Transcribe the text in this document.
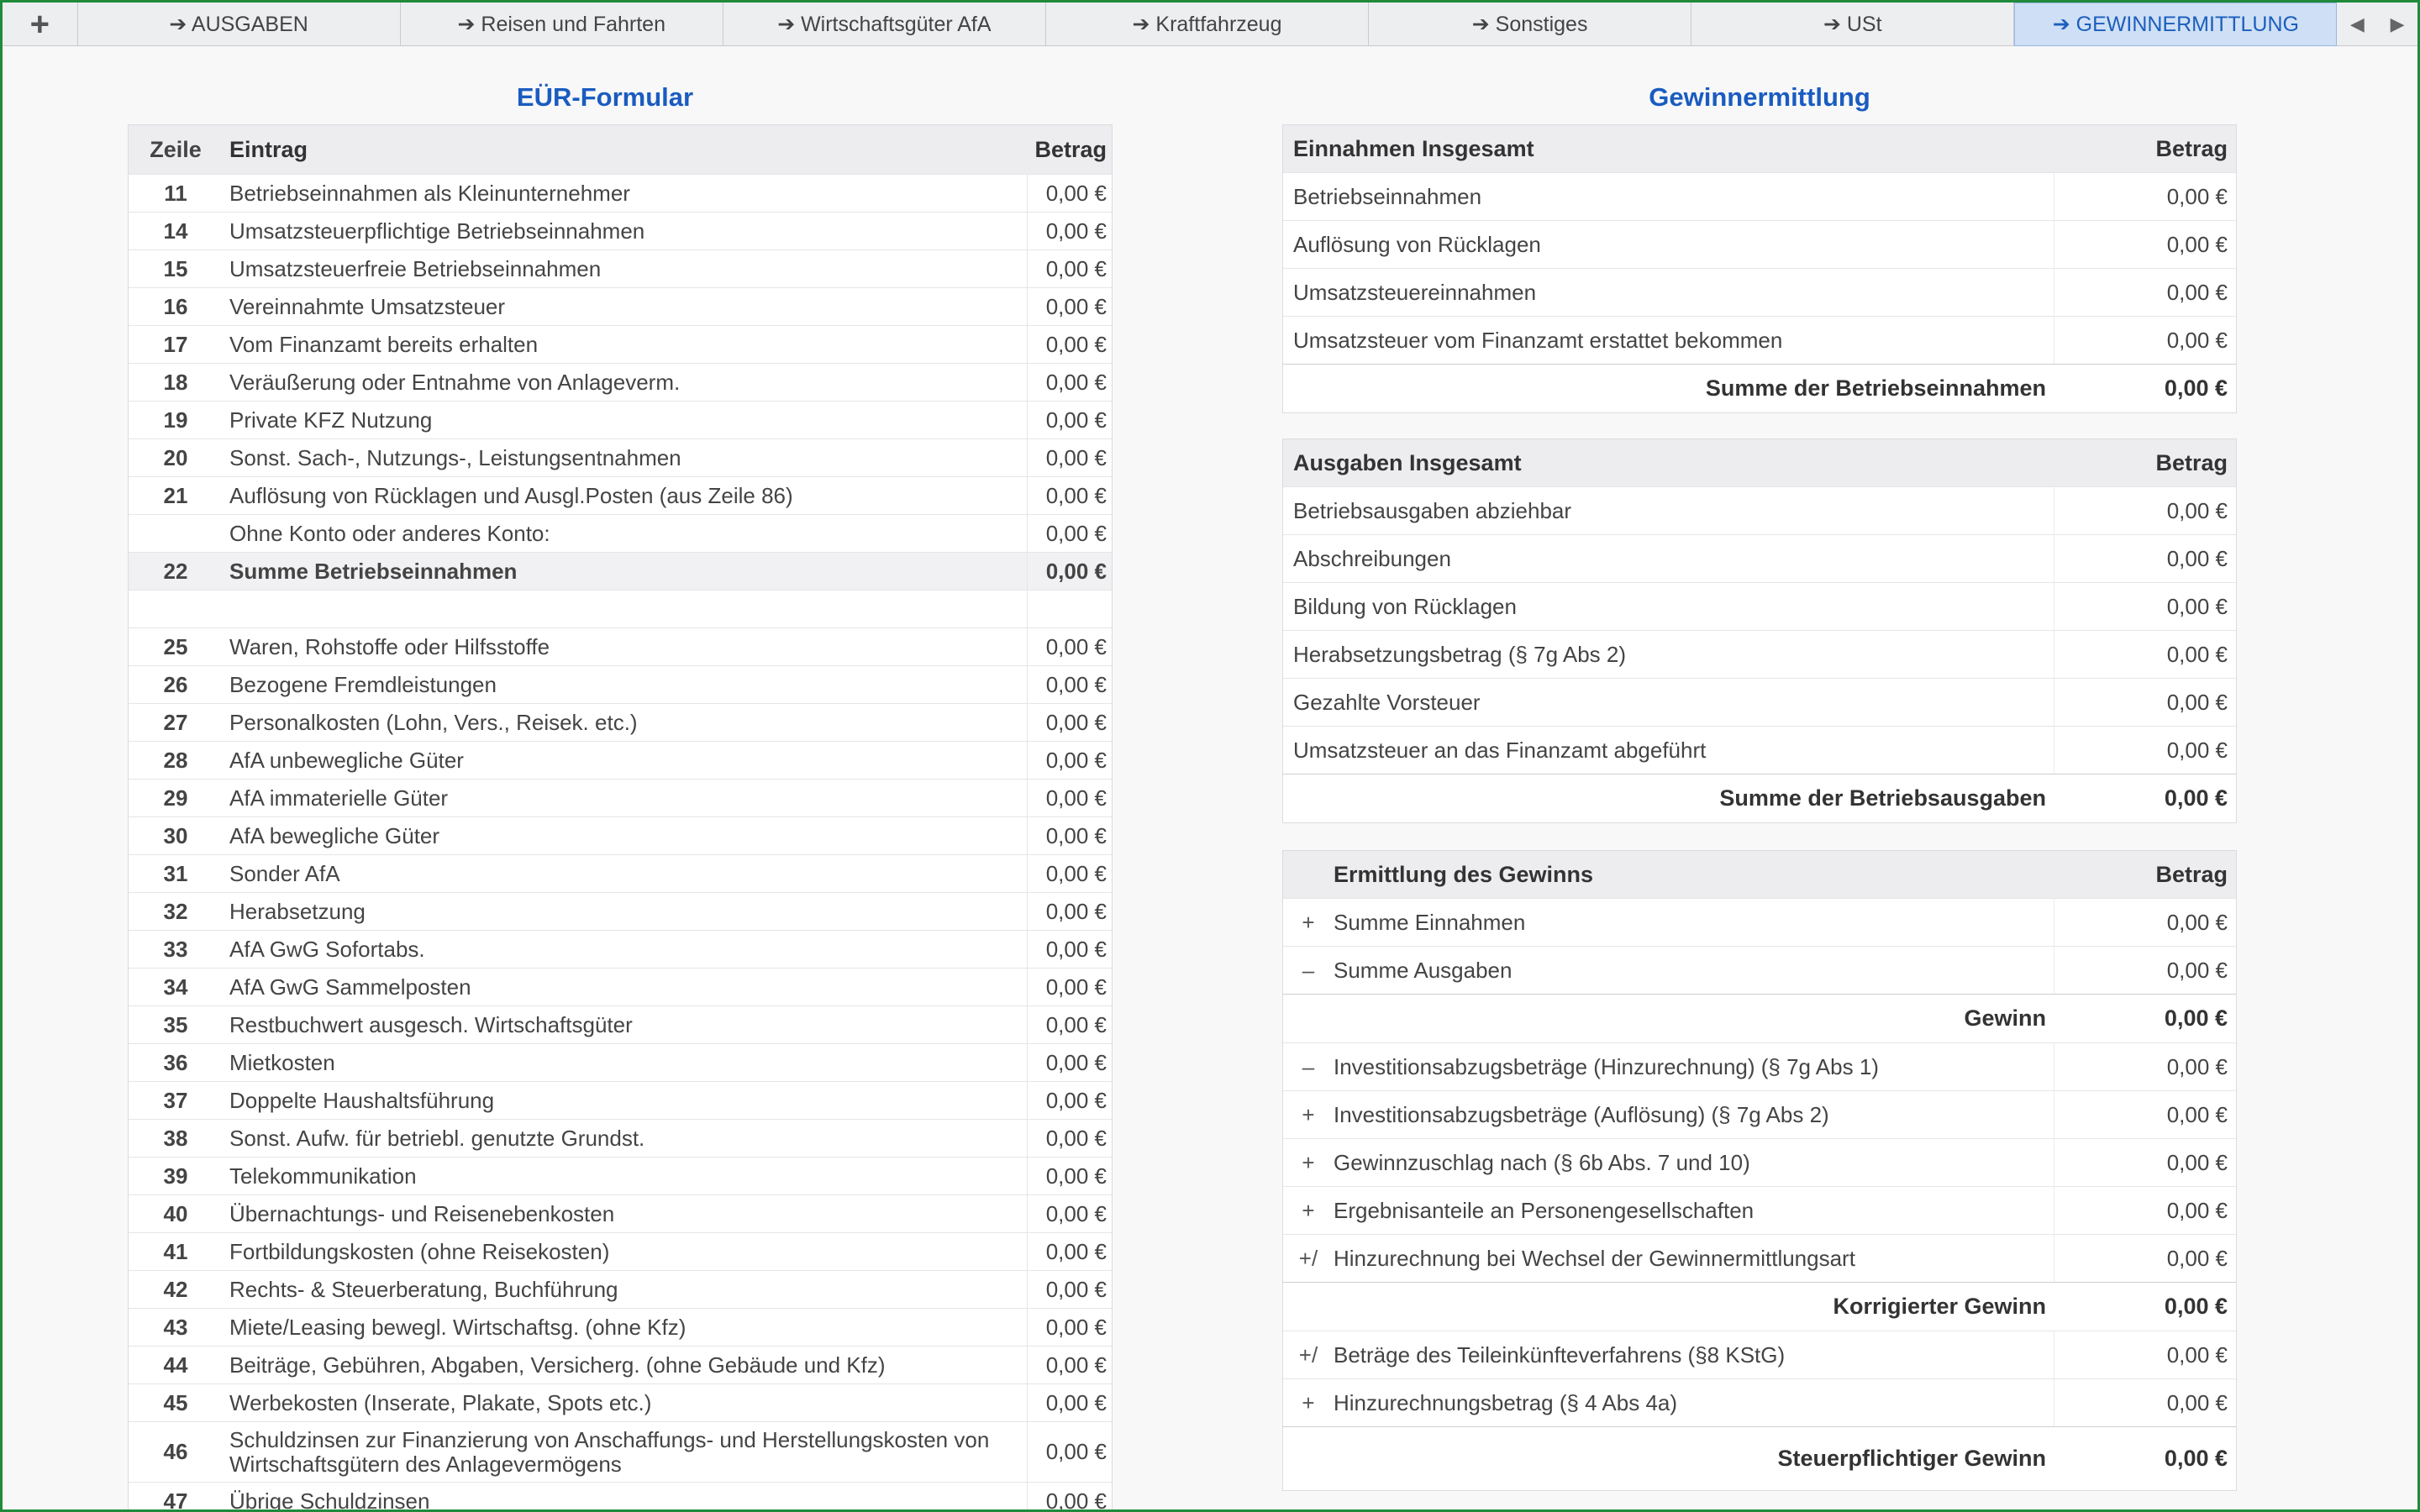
+	➔ AUSGABEN	➔ Reisen und Fahrten	➔ Wirtschaftsgüter AfA	➔ Kraftfahrzeug	➔ Sonstiges	➔ USt	➔ GEWINNERMITTLUNG	◀	▶
EÜR-Formular	Gewinnermittlung
Zeile	Eintrag	Betrag
11	Betriebseinnahmen als Kleinunternehmer	0,00 €
14	Umsatzsteuerpflichtige Betriebseinnahmen	0,00 €
15	Umsatzsteuerfreie Betriebseinnahmen	0,00 €
16	Vereinnahmte Umsatzsteuer	0,00 €
17	Vom Finanzamt bereits erhalten	0,00 €
18	Veräußerung oder Entnahme von Anlageverm.	0,00 €
19	Private KFZ Nutzung	0,00 €
20	Sonst. Sach-, Nutzungs-, Leistungsentnahmen	0,00 €
21	Auflösung von Rücklagen und Ausgl.Posten (aus Zeile 86)	0,00 €
Ohne Konto oder anderes Konto:	0,00 €
22	Summe Betriebseinnahmen	0,00 €
25	Waren, Rohstoffe oder Hilfsstoffe	0,00 €
26	Bezogene Fremdleistungen	0,00 €
27	Personalkosten (Lohn, Vers., Reisek. etc.)	0,00 €
28	AfA unbewegliche Güter	0,00 €
29	AfA immaterielle Güter	0,00 €
30	AfA bewegliche Güter	0,00 €
31	Sonder AfA	0,00 €
32	Herabsetzung	0,00 €
33	AfA GwG Sofortabs.	0,00 €
34	AfA GwG Sammelposten	0,00 €
35	Restbuchwert ausgesch. Wirtschaftsgüter	0,00 €
36	Mietkosten	0,00 €
37	Doppelte Haushaltsführung	0,00 €
38	Sonst. Aufw. für betriebl. genutzte Grundst.	0,00 €
39	Telekommunikation	0,00 €
40	Übernachtungs- und Reisenebenkosten	0,00 €
41	Fortbildungskosten (ohne Reisekosten)	0,00 €
42	Rechts- & Steuerberatung, Buchführung	0,00 €
43	Miete/Leasing bewegl. Wirtschaftsg. (ohne Kfz)	0,00 €
44	Beiträge, Gebühren, Abgaben, Versicherg. (ohne Gebäude und Kfz)	0,00 €
45	Werbekosten (Inserate, Plakate, Spots etc.)	0,00 €
46	Schuldzinsen zur Finanzierung von Anschaffungs- und Herstellungskosten von Wirtschaftsgütern des Anlagevermögens	0,00 €
47	Übrige Schuldzinsen	0,00 €
Einnahmen Insgesamt	Betrag
Betriebseinnahmen	0,00 €
Auflösung von Rücklagen	0,00 €
Umsatzsteuereinnahmen	0,00 €
Umsatzsteuer vom Finanzamt erstattet bekommen	0,00 €
Summe der Betriebseinnahmen	0,00 €
Ausgaben Insgesamt	Betrag
Betriebsausgaben abziehbar	0,00 €
Abschreibungen	0,00 €
Bildung von Rücklagen	0,00 €
Herabsetzungsbetrag (§ 7g Abs 2)	0,00 €
Gezahlte Vorsteuer	0,00 €
Umsatzsteuer an das Finanzamt abgeführt	0,00 €
Summe der Betriebsausgaben	0,00 €
Ermittlung des Gewinns	Betrag
+ Summe Einnahmen	0,00 €
– Summe Ausgaben	0,00 €
Gewinn	0,00 €
– Investitionsabzugsbeträge (Hinzurechnung) (§ 7g Abs 1)	0,00 €
+ Investitionsabzugsbeträge (Auflösung) (§ 7g Abs 2)	0,00 €
+ Gewinnzuschlag nach (§ 6b Abs. 7 und 10)	0,00 €
+ Ergebnisanteile an Personengesellschaften	0,00 €
+/ Hinzurechnung bei Wechsel der Gewinnermittlungsart	0,00 €
Korrigierter Gewinn	0,00 €
+/ Beträge des Teileinkünfteverfahrens (§8 KStG)	0,00 €
+ Hinzurechnungsbetrag (§ 4 Abs 4a)	0,00 €
Steuerpflichtiger Gewinn	0,00 €
